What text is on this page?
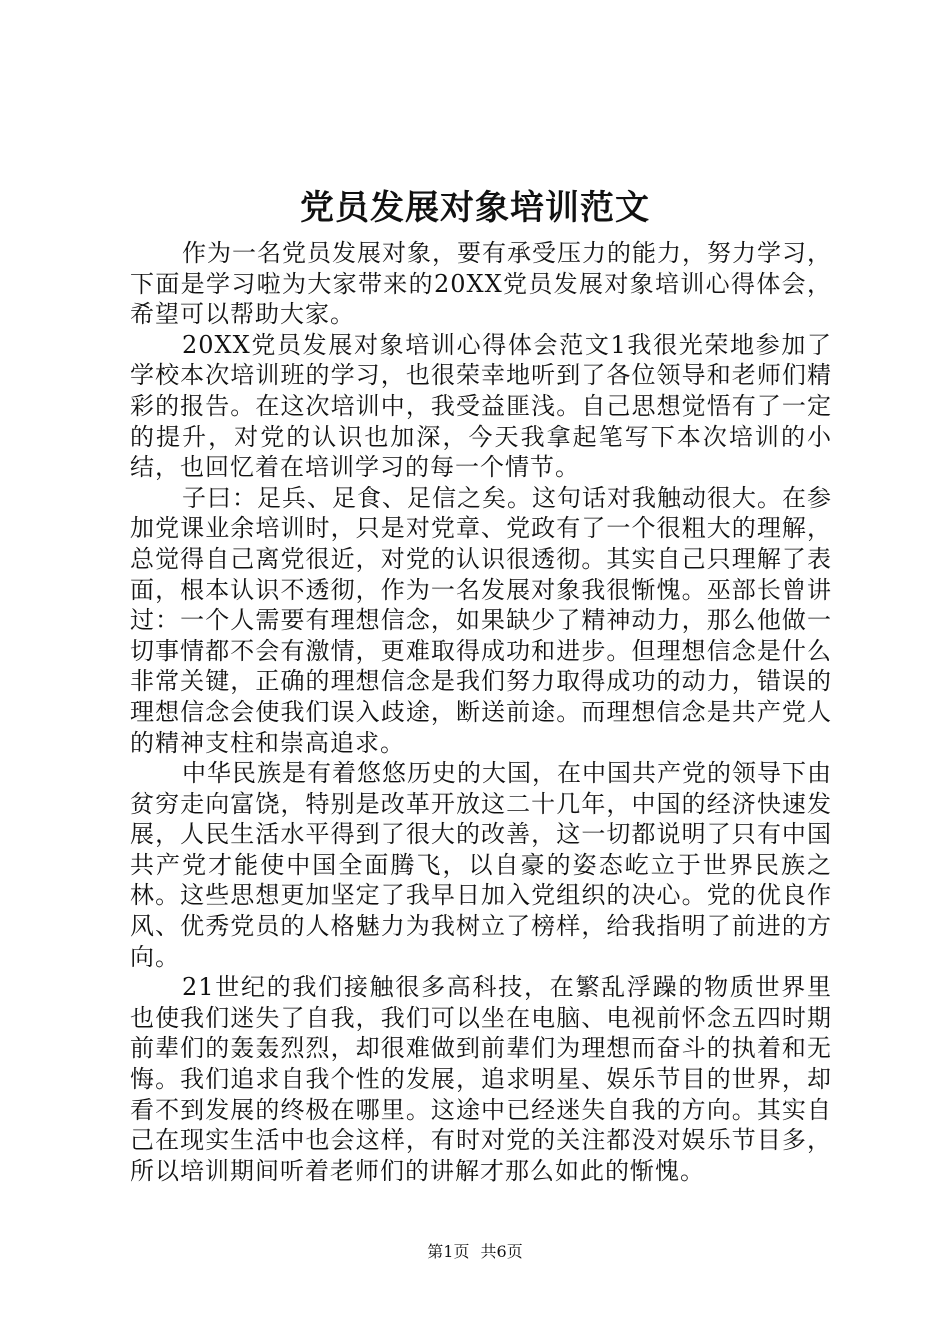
党员发展对象培训范文

作为一名党员发展对象，要有承受压力的能力，努力学习，下面是学习啦为大家带来的20XX党员发展对象培训心得体会，希望可以帮助大家。

20XX党员发展对象培训心得体会范文1我很光荣地参加了学校本次培训班的学习，也很荣幸地听到了各位领导和老师们精彩的报告。在这次培训中，我受益匪浅。自己思想觉悟有了一定的提升，对党的认识也加深，今天我拿起笔写下本次培训的小结，也回忆着在培训学习的每一个情节。

子曰：足兵、足食、足信之矣。这句话对我触动很大。在参加党课业余培训时，只是对党章、党政有了一个很粗大的理解，总觉得自己离党很近，对党的认识很透彻。其实自己只理解了表面，根本认识不透彻，作为一名发展对象我很惭愧。巫部长曾讲过：一个人需要有理想信念，如果缺少了精神动力，那么他做一切事情都不会有激情，更难取得成功和进步。但理想信念是什么非常关键，正确的理想信念是我们努力取得成功的动力，错误的理想信念会使我们误入歧途，断送前途。而理想信念是共产党人的精神支柱和崇高追求。

中华民族是有着悠悠历史的大国，在中国共产党的领导下由贫穷走向富饶，特别是改革开放这二十几年，中国的经济快速发展，人民生活水平得到了很大的改善，这一切都说明了只有中国共产党才能使中国全面腾飞，以自豪的姿态屹立于世界民族之林。这些思想更加坚定了我早日加入党组织的决心。党的优良作风、优秀党员的人格魅力为我树立了榜样，给我指明了前进的方向。

21世纪的我们接触很多高科技，在繁乱浮躁的物质世界里也使我们迷失了自我，我们可以坐在电脑、电视前怀念五四时期前辈们的轰轰烈烈，却很难做到前辈们为理想而奋斗的执着和无悔。我们追求自我个性的发展，追求明星、娱乐节目的世界，却看不到发展的终极在哪里。这途中已经迷失自我的方向。其实自己在现实生活中也会这样，有时对党的关注都没对娱乐节目多，所以培训期间听着老师们的讲解才那么如此的惭愧。

第1页 共6页
